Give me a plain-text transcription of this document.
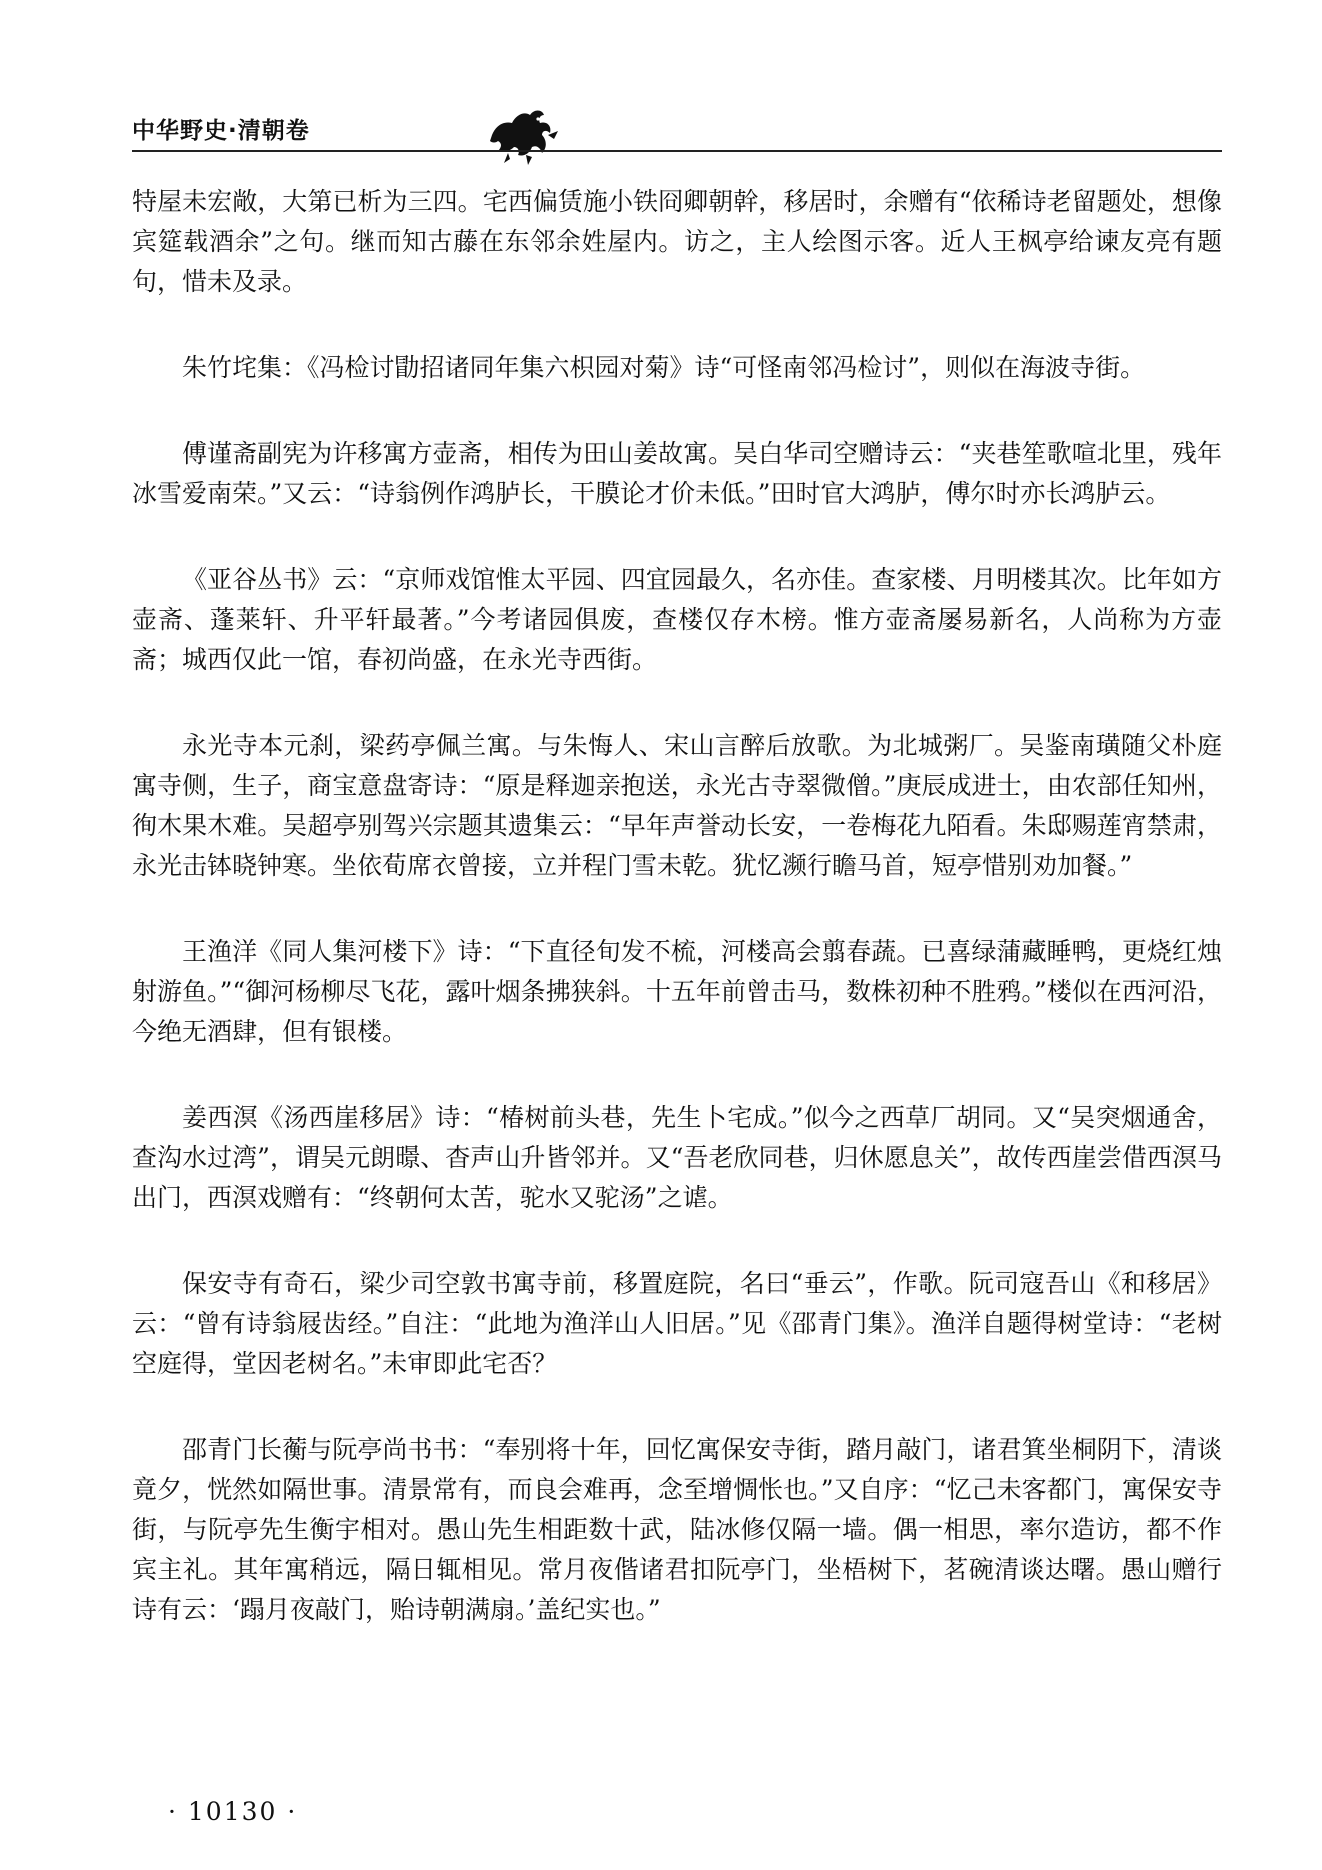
中华野史·清朝卷

特屋未宏敞，大第已析为三四。宅西偏赁施小铁冏卿朝幹，移居时，余赠有“依稀诗老留题处，想像宾筵载酒余”之句。继而知古藤在东邻余姓屋内。访之，主人绘图示客。近人王枫亭给谏友亮有题句，惜未及录。

朱竹垞集：《冯检讨勖招诸同年集六枳园对菊》诗“可怪南邻冯检讨”，则似在海波寺街。

傅谨斋副宪为许移寓方壶斋，相传为田山姜故寓。吴白华司空赠诗云：“夹巷笙歌喧北里，残年冰雪爱南荣。”又云：“诗翁例作鸿胪长，干膜论才价未低。”田时官大鸿胪，傅尔时亦长鸿胪云。

《亚谷丛书》云：“京师戏馆惟太平园、四宜园最久，名亦佳。查家楼、月明楼其次。比年如方壶斋、蓬莱轩、升平轩最著。”今考诸园俱废，查楼仅存木榜。惟方壶斋屡易新名，人尚称为方壶斋；城西仅此一馆，春初尚盛，在永光寺西街。

永光寺本元刹，梁药亭佩兰寓。与朱悔人、宋山言醉后放歌。为北城粥厂。吴鉴南璜随父朴庭寓寺侧，生子，商宝意盘寄诗：“原是释迦亲抱送，永光古寺翠微僧。”庚辰成进士，由农部任知州，徇木果木难。吴超亭别驾兴宗题其遗集云：“早年声誉动长安，一卷梅花九陌看。朱邸赐莲宵禁肃，永光击钵晓钟寒。坐依荀席衣曾接，立并程门雪未乾。犹忆濒行瞻马首，短亭惜别劝加餐。”

王渔洋《同人集河楼下》诗：“下直径旬发不梳，河楼高会翦春蔬。已喜绿蒲藏睡鸭，更烧红烛射游鱼。”“御河杨柳尽飞花，露叶烟条拂狭斜。十五年前曾击马，数株初种不胜鸦。”楼似在西河沿，今绝无酒肆，但有银楼。

姜西溟《汤西崖移居》诗：“椿树前头巷，先生卜宅成。”似今之西草厂胡同。又“吴突烟通舍，查沟水过湾”，谓吴元朗暻、杳声山升皆邻并。又“吾老欣同巷，归休愿息关”，故传西崖尝借西溟马出门，西溟戏赠有：“终朝何太苦，驼水又驼汤”之谑。

保安寺有奇石，梁少司空敦书寓寺前，移置庭院，名曰“垂云”，作歌。阮司寇吾山《和移居》云：“曾有诗翁屐齿经。”自注：“此地为渔洋山人旧居。”见《邵青门集》。渔洋自题得树堂诗：“老树空庭得，堂因老树名。”未审即此宅否？

邵青门长蘅与阮亭尚书书：“奉别将十年，回忆寓保安寺街，踏月敲门，诸君箕坐桐阴下，清谈竟夕，恍然如隔世事。清景常有，而良会难再，念至增惆怅也。”又自序：“忆己未客都门，寓保安寺街，与阮亭先生衡宇相对。愚山先生相距数十武，陆冰修仅隔一墙。偶一相思，率尔造访，都不作宾主礼。其年寓稍远，隔日辄相见。常月夜偕诸君扣阮亭门，坐梧树下，茗碗清谈达曙。愚山赠行诗有云：‘蹋月夜敲门，贻诗朝满扇。’盖纪实也。”

· 10130 ·
